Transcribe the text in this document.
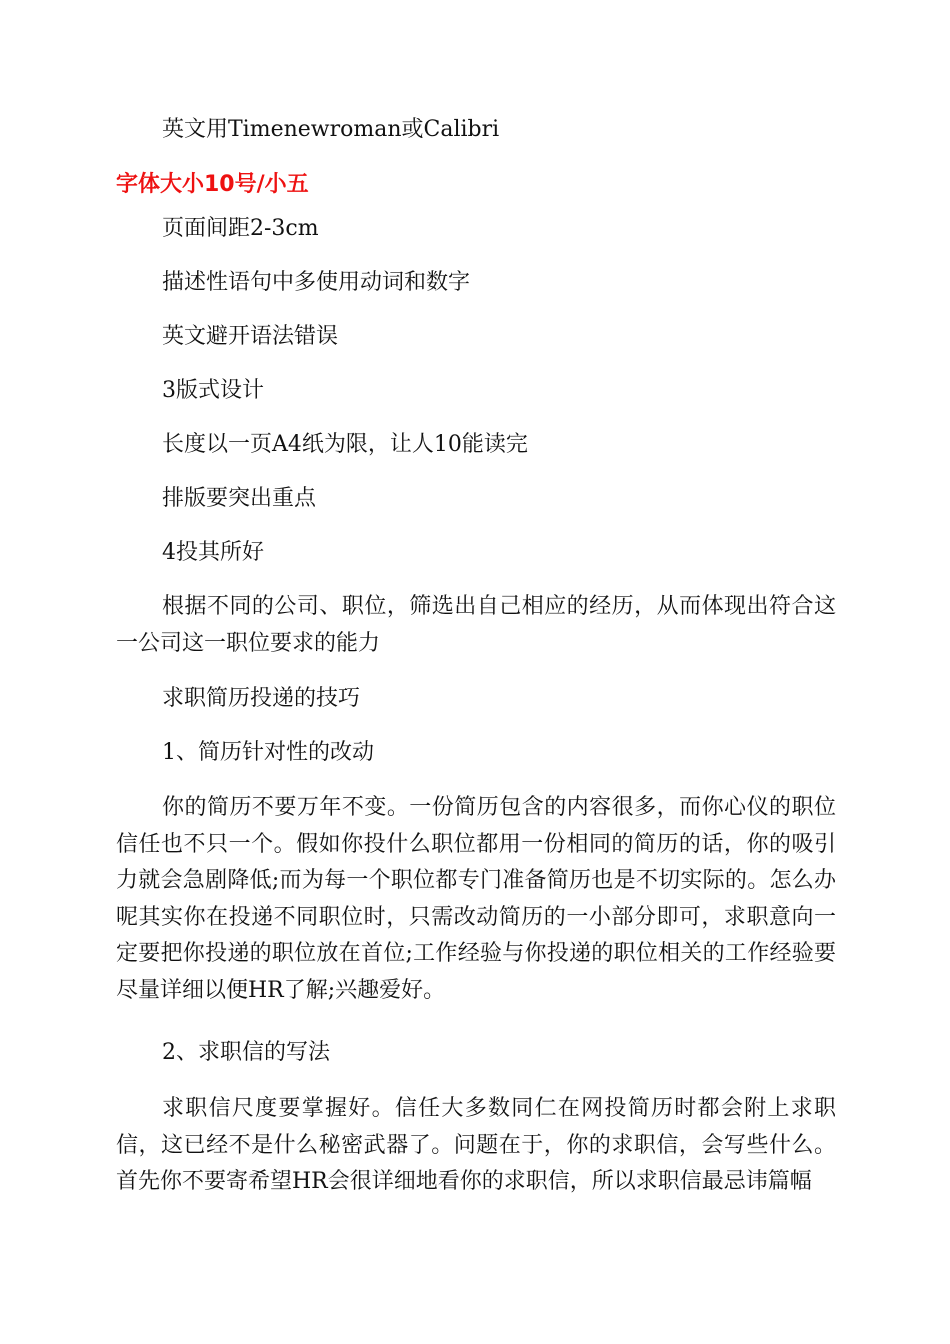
英文用Timenewroman或Calibri
字体大小10号/小五
页面间距2-3cm
描述性语句中多使用动词和数字
英文避开语法错误
3版式设计
长度以一页A4纸为限，让人10能读完
排版要突出重点
4投其所好
根据不同的公司、职位，筛选出自己相应的经历，从而体现出符合这一公司这一职位要求的能力
求职简历投递的技巧
1、简历针对性的改动
你的简历不要万年不变。一份简历包含的内容很多，而你心仪的职位信任也不只一个。假如你投什么职位都用一份相同的简历的话，你的吸引力就会急剧降低;而为每一个职位都专门准备简历也是不切实际的。怎么办呢其实你在投递不同职位时，只需改动简历的一小部分即可，求职意向一定要把你投递的职位放在首位;工作经验与你投递的职位相关的工作经验要尽量详细以便HR了解;兴趣爱好。
2、求职信的写法
求职信尺度要掌握好。信任大多数同仁在网投简历时都会附上求职信，这已经不是什么秘密武器了。问题在于，你的求职信，会写些什么。首先你不要寄希望HR会很详细地看你的求职信，所以求职信最忌讳篇幅
